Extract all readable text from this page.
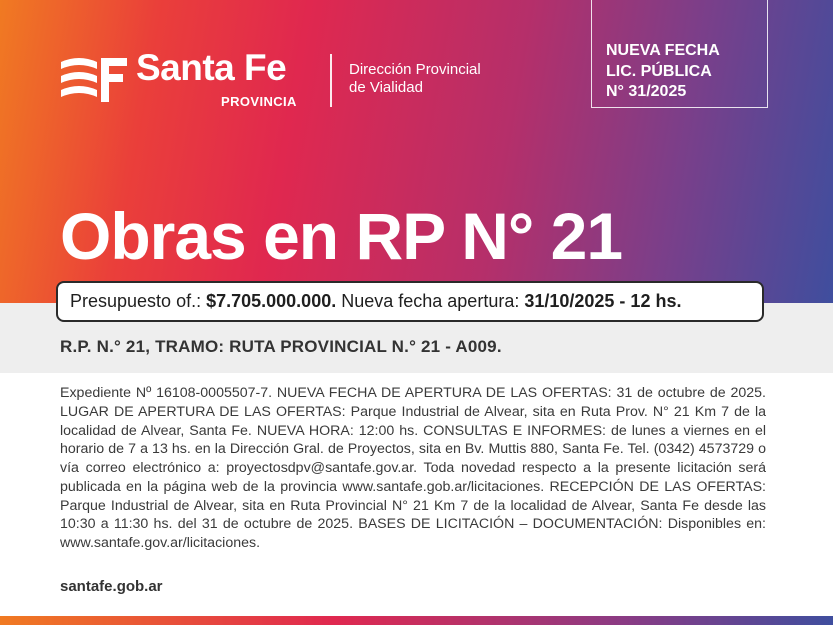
Santa Fe
PROVINCIA
Dirección Provincial
de Vialidad
NUEVA FECHA
LIC. PÚBLICA
N° 31/2025
Obras en RP N° 21
Presupuesto of.: $7.705.000.000. Nueva fecha apertura: 31/10/2025 - 12 hs.
R.P. N.° 21, TRAMO: RUTA PROVINCIAL N.° 21 - A009.
Expediente Nº 16108-0005507-7. NUEVA FECHA DE APERTURA DE LAS OFERTAS: 31 de octubre de 2025. LUGAR DE APERTURA DE LAS OFERTAS: Parque Industrial de Alvear, sita en Ruta Prov. N° 21 Km 7 de la localidad de Alvear, Santa Fe. NUEVA HORA: 12:00 hs. CONSULTAS E INFORMES: de lunes a viernes en el horario de 7 a 13 hs. en la Dirección Gral. de Proyectos, sita en Bv. Muttis 880, Santa Fe. Tel. (0342) 4573729 o vía correo electrónico a: proyectosdpv@santafe.gov.ar. Toda novedad respecto a la presente licitación será publicada en la página web de la provincia www.santafe.gob.ar/licitaciones. RECEPCIÓN DE LAS OFERTAS: Parque Industrial de Alvear, sita en Ruta Provincial N° 21 Km 7 de la localidad de Alvear, Santa Fe desde las 10:30 a 11:30 hs. del 31 de octubre de 2025. BASES DE LICITACIÓN – DOCUMENTACIÓN: Disponibles en: www.santafe.gov.ar/licitaciones.
santafe.gob.ar
